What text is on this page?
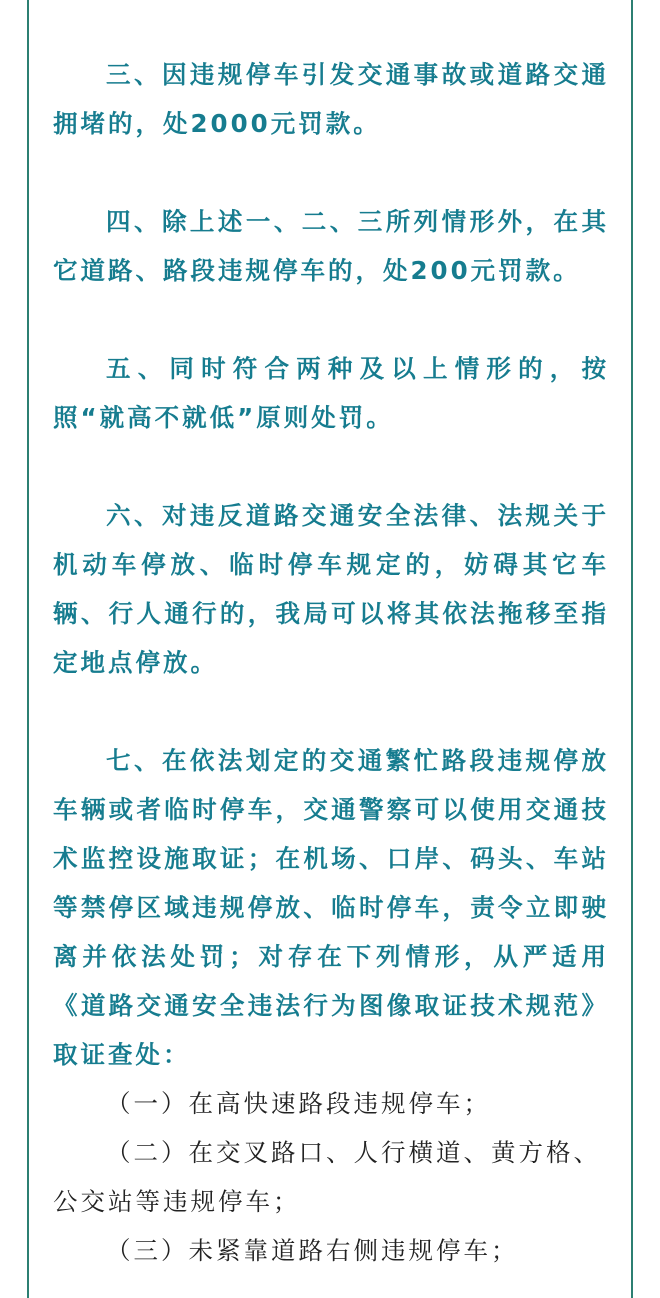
三、因违规停车引发交通事故或道路交通拥堵的，处2000元罚款。

四、除上述一、二、三所列情形外，在其它道路、路段违规停车的，处200元罚款。

五、同时符合两种及以上情形的，按照“就高不就低”原则处罚。

六、对违反道路交通安全法律、法规关于机动车停放、临时停车规定的，妨碍其它车辆、行人通行的，我局可以将其依法拖移至指定地点停放。

七、在依法划定的交通繁忙路段违规停放车辆或者临时停车，交通警察可以使用交通技术监控设施取证；在机场、口岸、码头、车站等禁停区域违规停放、临时停车，责令立即驶离并依法处罚；对存在下列情形，从严适用《道路交通安全违法行为图像取证技术规范》取证查处：

（一）在高快速路段违规停车；

（二）在交叉路口、人行横道、黄方格、公交站等违规停车；

（三）未紧靠道路右侧违规停车；
